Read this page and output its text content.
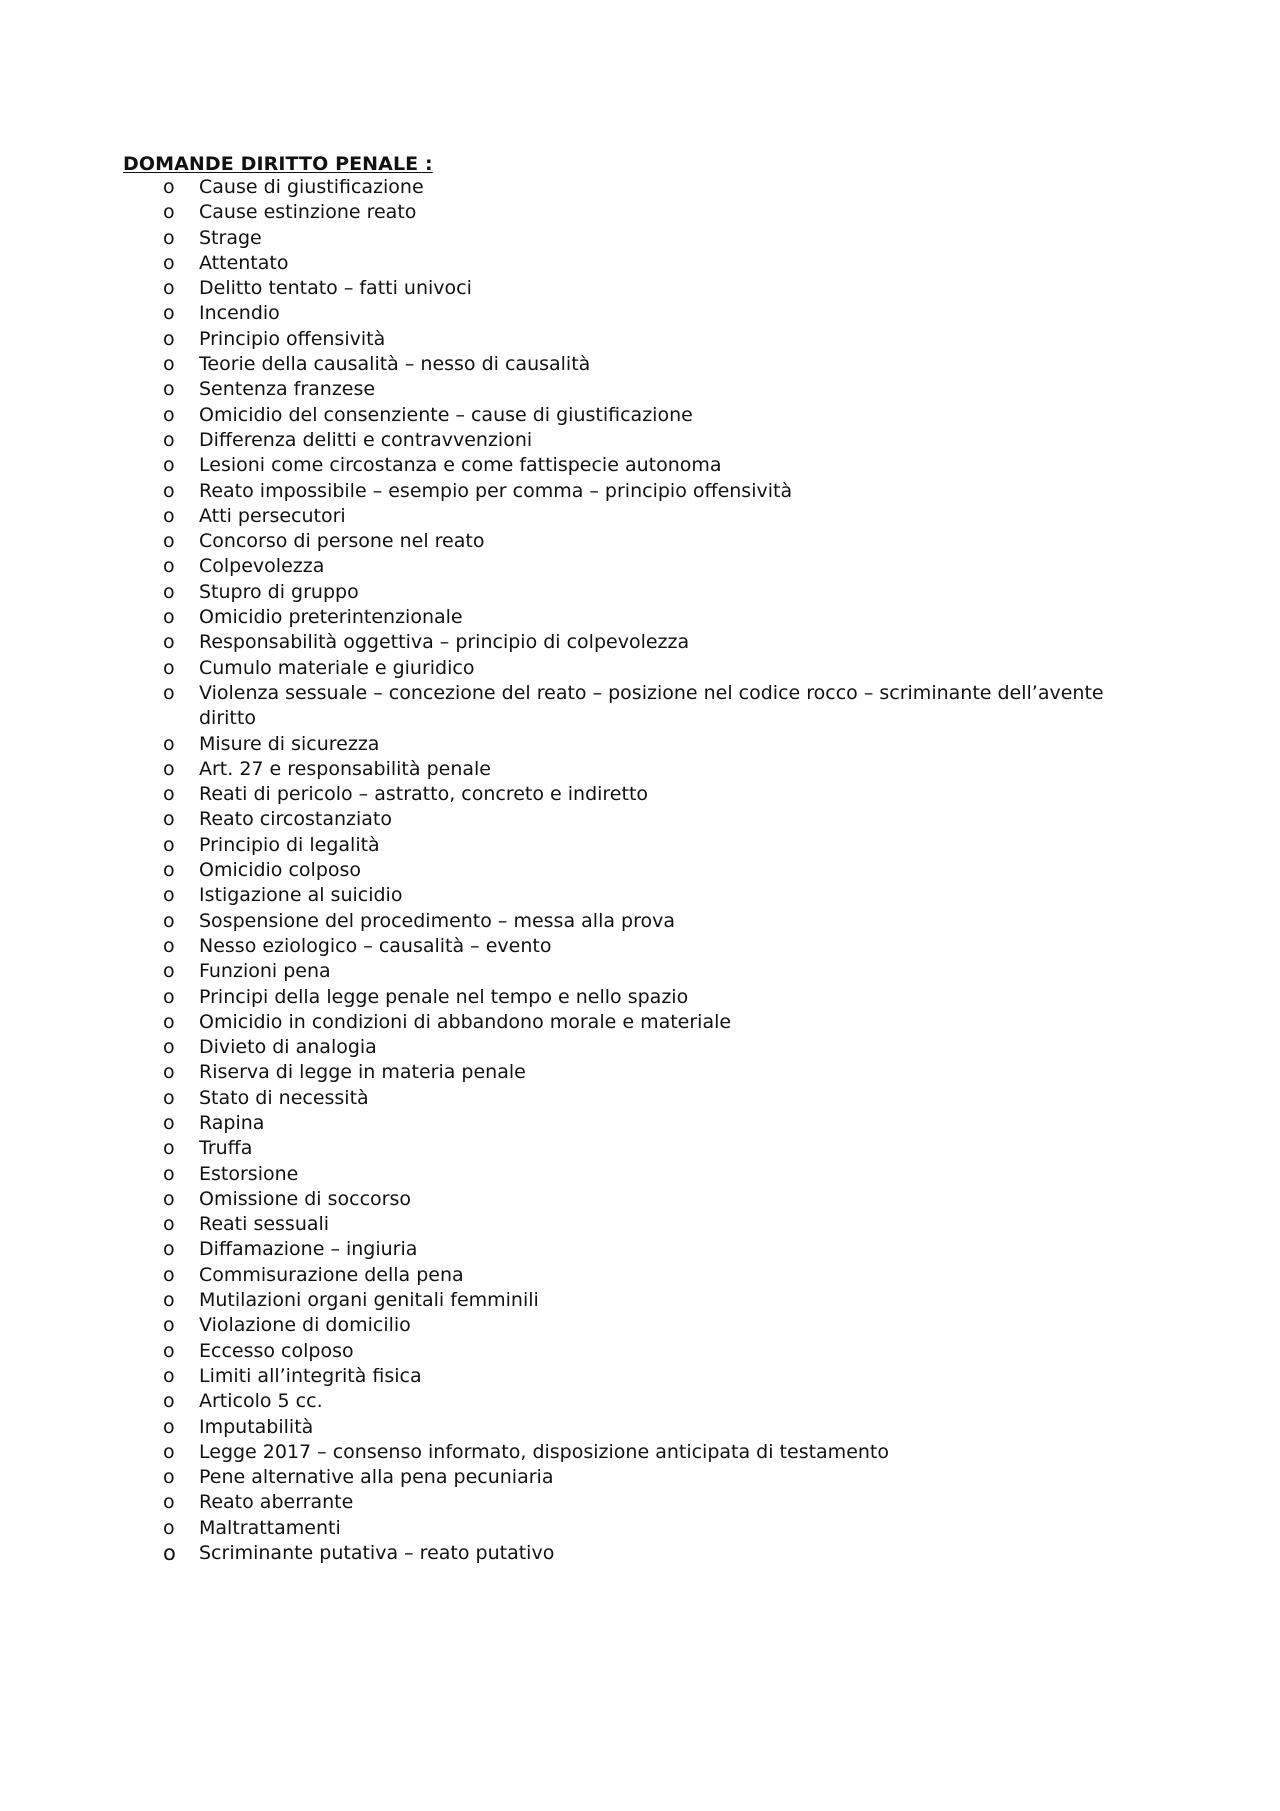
DOMANDE DIRITTO PENALE :
o Cause di giustificazione
o Cause estinzione reato
o Strage
o Attentato
o Delitto tentato – fatti univoci
o Incendio
o Principio offensività
o Teorie della causalità – nesso di causalità
o Sentenza franzese
o Omicidio del consenziente – cause di giustificazione
o Differenza delitti e contravvenzioni
o Lesioni come circostanza e come fattispecie autonoma
o Reato impossibile – esempio per comma – principio offensività
o Atti persecutori
o Concorso di persone nel reato
o Colpevolezza
o Stupro di gruppo
o Omicidio preterintenzionale
o Responsabilità oggettiva – principio di colpevolezza
o Cumulo materiale e giuridico
o Violenza sessuale – concezione del reato – posizione nel codice rocco – scriminante dell’avente diritto
o Misure di sicurezza
o Art. 27 e responsabilità penale
o Reati di pericolo – astratto, concreto e indiretto
o Reato circostanziato
o Principio di legalità
o Omicidio colposo
o Istigazione al suicidio
o Sospensione del procedimento – messa alla prova
o Nesso eziologico – causalità – evento
o Funzioni pena
o Principi della legge penale nel tempo e nello spazio
o Omicidio in condizioni di abbandono morale e materiale
o Divieto di analogia
o Riserva di legge in materia penale
o Stato di necessità
o Rapina
o Truffa
o Estorsione
o Omissione di soccorso
o Reati sessuali
o Diffamazione – ingiuria
o Commisurazione della pena
o Mutilazioni organi genitali femminili
o Violazione di domicilio
o Eccesso colposo
o Limiti all’integrità fisica
o Articolo 5 cc.
o Imputabilità
o Legge 2017 – consenso informato, disposizione anticipata di testamento
o Pene alternative alla pena pecuniaria
o Reato aberrante
o Maltrattamenti
o Scriminante putativa – reato putativo
